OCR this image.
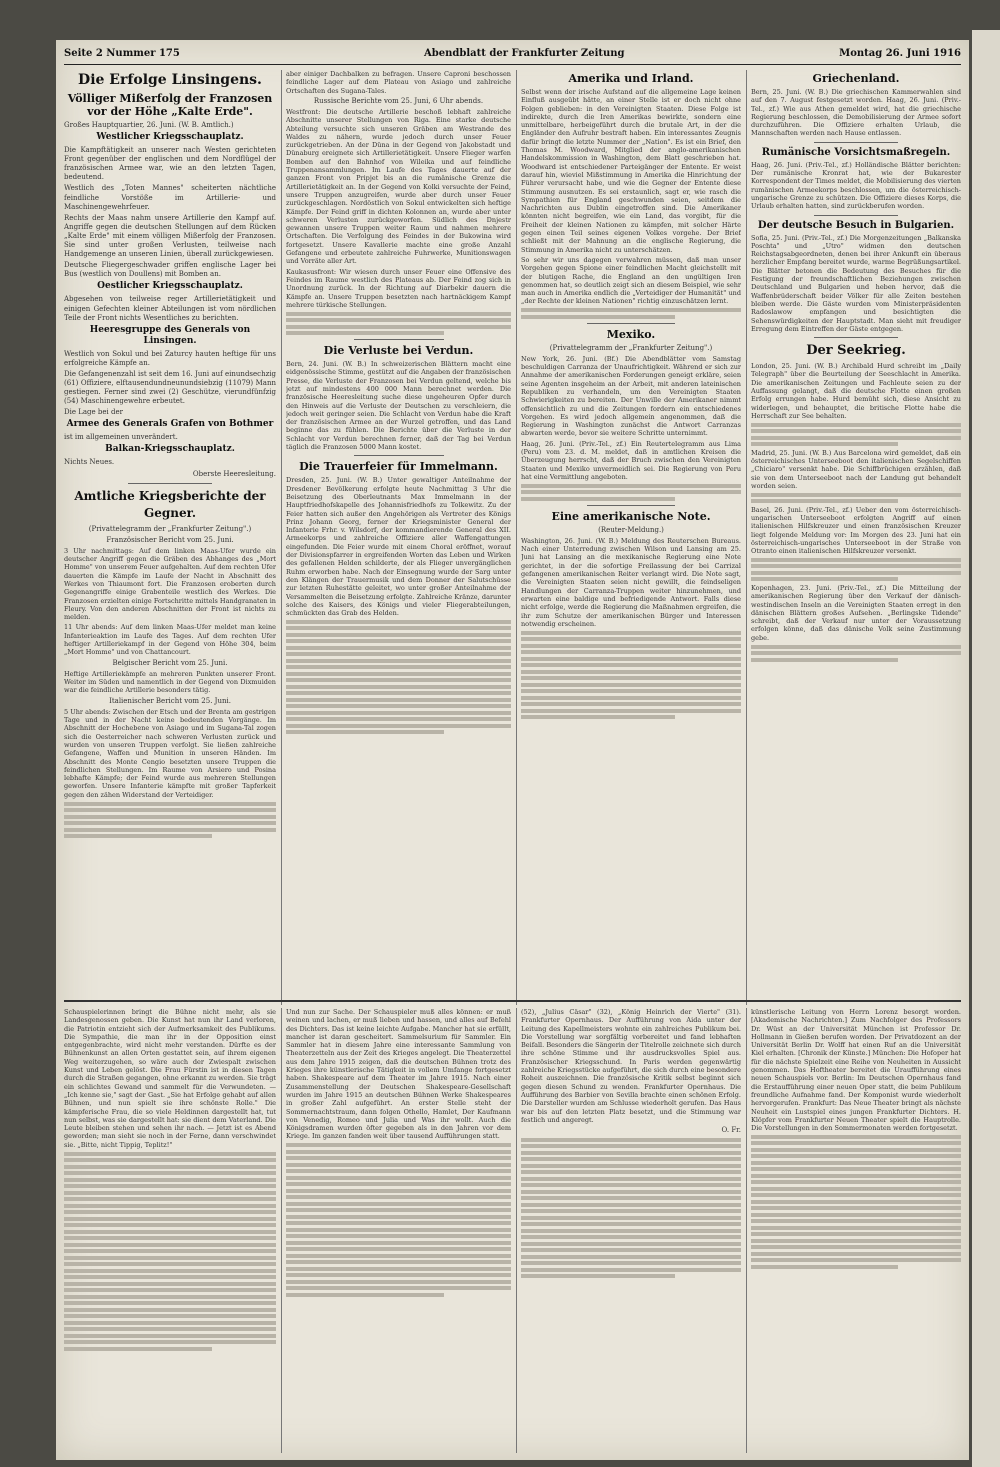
Seite 2 Nummer 175	Abendblatt der Frankfurter Zeitung	Montag 26. Juni 1916
Die Erfolge Linsingens.
Völliger Mißerfolg der Franzosen vor der Höhe „Kalte Erde".
Großes Hauptquartier, 26. Juni. (W. B. Amtlich.)
Westlicher Kriegsschauplatz.
Die Kampftätigkeit an unserer nach Westen gerichteten Front gegenüber der englischen und dem Nordflügel der französischen Armee war, wie an den letzten Tagen, bedeutend.
Westlich des „Toten Mannes" scheiterten nächtliche feindliche Vorstöße im Artillerie- und Maschinengewehrfeuer.
Rechts der Maas nahm unsere Artillerie den Kampf auf. Angriffe gegen die deutschen Stellungen auf dem Rücken „Kalte Erde" mit einem völligen Mißerfolg der Franzosen. Sie sind unter großen Verlusten, teilweise nach Handgemenge an unseren Linien, überall zurückgewiesen.
Deutsche Fliegergeschwader griffen englische Lager bei Bus (westlich von Doullens) mit Bomben an.
Oestlicher Kriegsschauplatz.
Abgesehen von teilweise reger Artillerietätigkeit und einigen Gefechten kleiner Abteilungen ist vom nördlichen Teile der Front nichts Wesentliches zu berichten.
Heeresgruppe des Generals von Linsingen.
Westlich von Sokul und bei Zaturcy hauten heftige für uns erfolgreiche Kämpfe an.
Die Gefangenenzahl ist seit dem 16. Juni auf einundsechzig (61) Offiziere, elftausendundneunundsiebzig (11079) Mann gestiegen. Ferner sind zwei (2) Geschütze, vierundfünfzig (54) Maschinengewehre erbeutet.
Die Lage bei der
Armee des Generals Grafen von Bothmer
ist im allgemeinen unverändert.
Balkan-Kriegsschauplatz.
Nichts Neues.
Oberste Heeresleitung.
Amtliche Kriegsberichte der Gegner.
(Privattelegramm der „Frankfurter Zeitung".)
Französischer Bericht vom 25. Juni.
3 Uhr nachmittags: Auf dem linken Maas-Ufer wurde ein deutscher Angriff gegen die Gräben des Abhanges des „Mort Homme" von unserem Feuer aufgehalten. Auf dem rechten Ufer dauerten die Kämpfe im Laufe der Nacht in Abschnitt des Werkes von Thiaumont fort. Die Franzosen eroberten durch Gegenangriffe einige Grabenteile westlich des Werkes. Die Franzosen erzielten einige Fortschritte mittels Handgranaten in Fleury. Von den anderen Abschnitten der Front ist nichts zu melden.
11 Uhr abends: Auf dem linken Maas-Ufer meldet man keine Infanterieaktion im Laufe des Tages. Auf dem rechten Ufer heftiger Artilleriekampf in der Gegend von Höhe 304, beim „Mort Homme" und von Chattancourt.
Belgischer Bericht vom 25. Juni.
Heftige Artilleriekämpfe an mehreren Punkten unserer Front. Weiter im Süden und namentlich in der Gegend von Dixmuiden war die feindliche Artillerie besonders tätig.
Italienischer Bericht vom 25. Juni.
5 Uhr abends: Zwischen der Etsch und der Brenta am gestrigen Tage und in der Nacht keine bedeutenden Vorgänge. Im Abschnitt der Hochebene von Asiago und im Sugana-Tal zogen sich die Oesterreicher nach schweren Verlusten zurück und wurden von unseren Truppen verfolgt. Sie ließen zahlreiche Gefangene, Waffen und Munition in unseren Händen. Im Abschnitt des Monte Cengio besetzten unsere Truppen die feindlichen Stellungen. Im Raume von Arsiero und Posina lebhafte Kämpfe; der Feind wurde aus mehreren Stellungen geworfen. Unsere Infanterie kämpfte mit großer Tapferkeit gegen den zähen Widerstand der Verteidiger.
aber einiger Dachbalken zu befragen. Unsere Caproni beschossen feindliche Lager auf dem Plateau von Asiago und zahlreiche Ortschaften des Sugana-Tales.
Russische Berichte vom 25. Juni, 6 Uhr abends.
Westfront: Die deutsche Artillerie beschoß lebhaft zahlreiche Abschnitte unserer Stellungen von Riga. Eine starke deutsche Abteilung versuchte sich unseren Gräben am Westrande des Waldes zu nähern, wurde jedoch durch unser Feuer zurückgetrieben. An der Düna in der Gegend von Jakobstadt und Dünaburg ereignete sich Artillerietätigkeit. Unsere Flieger warfen Bomben auf den Bahnhof von Wileika und auf feindliche Truppenansammlungen. Im Laufe des Tages dauerte auf der ganzen Front von Pripjet bis an die rumänische Grenze die Artillerietätigkeit an. In der Gegend von Kolki versuchte der Feind, unsere Truppen anzugreifen, wurde aber durch unser Feuer zurückgeschlagen. Nordöstlich von Sokul entwickelten sich heftige Kämpfe. Der Feind griff in dichten Kolonnen an, wurde aber unter schweren Verlusten zurückgeworfen. Südlich des Dnjestr gewannen unsere Truppen weiter Raum und nahmen mehrere Ortschaften. Die Verfolgung des Feindes in der Bukowina wird fortgesetzt. Unsere Kavallerie machte eine große Anzahl Gefangene und erbeutete zahlreiche Fuhrwerke, Munitionswagen und Vorräte aller Art.
Kaukasusfront: Wir wiesen durch unser Feuer eine Offensive des Feindes im Raume westlich des Plateaus ab. Der Feind zog sich in Unordnung zurück. In der Richtung auf Diarbekir dauern die Kämpfe an. Unsere Truppen besetzten nach hartnäckigem Kampf mehrere türkische Stellungen.
Die Verluste bei Verdun.
Bern, 24. Juni. (W. B.) In schweizerischen Blättern macht eine eidgenössische Stimme, gestützt auf die Angaben der französischen Presse, die Verluste der Franzosen bei Verdun geltend, welche bis jetzt auf mindestens 400 000 Mann berechnet werden. Die französische Heeresleitung suche diese ungeheuren Opfer durch den Hinweis auf die Verluste der Deutschen zu verschleiern, die jedoch weit geringer seien. Die Schlacht von Verdun habe die Kraft der französischen Armee an der Wurzel getroffen, und das Land beginne das zu fühlen. Die Berichte über die Verluste in der Schlacht vor Verdun berechnen ferner, daß der Tag bei Verdun täglich die Franzosen 5000 Mann kostet.
Die Trauerfeier für Immelmann.
Dresden, 25. Juni. (W. B.) Unter gewaltiger Anteilnahme der Dresdener Bevölkerung erfolgte heute Nachmittag 3 Uhr die Beisetzung des Oberleutnants Max Immelmann in der Hauptfriedhofskapelle des Johannisfriedhofs zu Tolkewitz. Zu der Feier hatten sich außer den Angehörigen als Vertreter des Königs Prinz Johann Georg, ferner der Kriegsminister General der Infanterie Frhr. v. Wilsdorf, der kommandierende General des XII. Armeekorps und zahlreiche Offiziere aller Waffengattungen eingefunden. Die Feier wurde mit einem Choral eröffnet, worauf der Divisionspfarrer in ergreifenden Worten das Leben und Wirken des gefallenen Helden schilderte, der als Flieger unvergänglichen Ruhm erworben habe. Nach der Einsegnung wurde der Sarg unter den Klängen der Trauermusik und dem Donner der Salutschüsse zur letzten Ruhestätte geleitet, wo unter großer Anteilnahme der Versammelten die Beisetzung erfolgte. Zahlreiche Kränze, darunter solche des Kaisers, des Königs und vieler Fliegerabteilungen, schmückten das Grab des Helden.
Amerika und Irland.
Selbst wenn der irische Aufstand auf die allgemeine Lage keinen Einfluß ausgeübt hätte, an einer Stelle ist er doch nicht ohne Folgen geblieben: in den Vereinigten Staaten. Diese Folge ist indirekte, durch die Iren Amerikas bewirkte, sondern eine unmittelbare, herbeigeführt durch die brutale Art, in der die Engländer den Aufruhr bestraft haben. Ein interessantes Zeugnis dafür bringt die letzte Nummer der „Nation". Es ist ein Brief, den Thomas M. Woodward, Mitglied der anglo-amerikanischen Handelskommission in Washington, dem Blatt geschrieben hat. Woodward ist entschiedener Parteigänger der Entente. Er weist darauf hin, wieviel Mißstimmung in Amerika die Hinrichtung der Führer verursacht habe, und wie die Gegner der Entente diese Stimmung ausnutzen. Es sei erstaunlich, sagt er, wie rasch die Sympathien für England geschwunden seien, seitdem die Nachrichten aus Dublin eingetroffen sind. Die Amerikaner könnten nicht begreifen, wie ein Land, das vorgibt, für die Freiheit der kleinen Nationen zu kämpfen, mit solcher Härte gegen einen Teil seines eigenen Volkes vorgehe. Der Brief schließt mit der Mahnung an die englische Regierung, die Stimmung in Amerika nicht zu unterschätzen.
So sehr wir uns dagegen verwahren müssen, daß man unser Vorgehen gegen Spione einer feindlichen Macht gleichstellt mit der blutigen Rache, die England an den ungültigen Iren genommen hat, so deutlich zeigt sich an diesem Beispiel, wie sehr man auch in Amerika endlich die „Verteidiger der Humanität" und „der Rechte der kleinen Nationen" richtig einzuschätzen lernt.
Mexiko.
(Privattelegramm der „Frankfurter Zeitung".)
New York, 26. Juni. (Bf.) Die Abendblätter vom Samstag beschuldigen Carranza der Unaufrichtigkeit. Während er sich zur Annahme der amerikanischen Forderungen geneigt erkläre, seien seine Agenten insgeheim an der Arbeit, mit anderen lateinischen Republiken zu verhandeln, um den Vereinigten Staaten Schwierigkeiten zu bereiten. Der Unwille der Amerikaner nimmt offensichtlich zu und die Zeitungen fordern ein entschiedenes Vorgehen. Es wird jedoch allgemein angenommen, daß die Regierung in Washington zunächst die Antwort Carranzas abwarten werde, bevor sie weitere Schritte unternimmt.
Haag, 26. Juni. (Priv.-Tel., zf.) Ein Reutertelegramm aus Lima (Peru) vom 23. d. M. meldet, daß in amtlichen Kreisen die Überzeugung herrscht, daß der Bruch zwischen den Vereinigten Staaten und Mexiko unvermeidlich sei. Die Regierung von Peru hat eine Vermittlung angeboten.
Eine amerikanische Note.
(Reuter-Meldung.)
Washington, 26. Juni. (W. B.) Meldung des Reuterschen Bureaus. Nach einer Unterredung zwischen Wilson und Lansing am 25. Juni hat Lansing an die mexikanische Regierung eine Note gerichtet, in der die sofortige Freilassung der bei Carrizal gefangenen amerikanischen Reiter verlangt wird. Die Note sagt, die Vereinigten Staaten seien nicht gewillt, die feindseligen Handlungen der Carranza-Truppen weiter hinzunehmen, und erwarten eine baldige und befriedigende Antwort. Falls diese nicht erfolge, werde die Regierung die Maßnahmen ergreifen, die ihr zum Schutze der amerikanischen Bürger und Interessen notwendig erscheinen.
Griechenland.
Bern, 25. Juni. (W. B.) Die griechischen Kammerwahlen sind auf den 7. August festgesetzt worden. Haag, 26. Juni. (Priv.-Tel., zf.) Wie aus Athen gemeldet wird, hat die griechische Regierung beschlossen, die Demobilisierung der Armee sofort durchzuführen. Die Offiziere erhalten Urlaub, die Mannschaften werden nach Hause entlassen.
Rumänische Vorsichtsmaßregeln.
Haag, 26. Juni. (Priv.-Tel., zf.) Holländische Blätter berichten: Der rumänische Kronrat hat, wie der Bukarester Korrespondent der Times meldet, die Mobilisierung des vierten rumänischen Armeekorps beschlossen, um die österreichisch-ungarische Grenze zu schützen. Die Offiziere dieses Korps, die Urlaub erhalten hatten, sind zurückberufen worden.
Der deutsche Besuch in Bulgarien.
Sofia, 25. Juni. (Priv.-Tel., zf.) Die Morgenzeitungen „Balkanska Poschta" und „Utro" widmen den deutschen Reichstagsabgeordneten, denen bei ihrer Ankunft ein überaus herzlicher Empfang bereitet wurde, warme Begrüßungsartikel. Die Blätter betonen die Bedeutung des Besuches für die Festigung der freundschaftlichen Beziehungen zwischen Deutschland und Bulgarien und heben hervor, daß die Waffenbrüderschaft beider Völker für alle Zeiten bestehen bleiben werde. Die Gäste wurden vom Ministerpräsidenten Radoslawow empfangen und besichtigten die Sehenswürdigkeiten der Hauptstadt. Man sieht mit freudiger Erregung dem Eintreffen der Gäste entgegen.
Der Seekrieg.
London, 25. Juni. (W. B.) Archibald Hurd schreibt im „Daily Telegraph" über die Beurteilung der Seeschlacht in Amerika. Die amerikanischen Zeitungen und Fachleute seien zu der Auffassung gelangt, daß die deutsche Flotte einen großen Erfolg errungen habe. Hurd bemüht sich, diese Ansicht zu widerlegen, und behauptet, die britische Flotte habe die Herrschaft zur See behalten.
Madrid, 25. Juni. (W. B.) Aus Barcelona wird gemeldet, daß ein österreichisches Unterseeboot den italienischen Segelschiffen „Chiciaro" versenkt habe. Die Schiffbrüchigen erzählen, daß sie von dem Unterseeboot nach der Landung gut behandelt worden seien.
Basel, 26. Juni. (Priv.-Tel., zf.) Ueber den vom österreichisch-ungarischen Unterseeboot erfolgten Angriff auf einen italienischen Hilfskreuzer und einen französischen Kreuzer liegt folgende Meldung vor: Im Morgen des 23. Juni hat ein österreichisch-ungarisches Unterseeboot in der Straße von Otranto einen italienischen Hilfskreuzer versenkt.
Kopenhagen, 23. Juni. (Priv.-Tel., zf.) Die Mitteilung der amerikanischen Regierung über den Verkauf der dänisch-westindischen Inseln an die Vereinigten Staaten erregt in den dänischen Blättern großes Aufsehen. „Berlingske Tidende" schreibt, daß der Verkauf nur unter der Voraussetzung erfolgen könne, daß das dänische Volk seine Zustimmung gebe.
Schauspielerinnen bringt die Bühne nicht mehr, als sie Landesgenossen geben. Die Kunst hat nun ihr Land verloren, die Patriotin entzieht sich der Aufmerksamkeit des Publikums. Die Sympathie, die man ihr in der Opposition einst entgegenbrachte, wird nicht mehr verstanden. Dürfte es der Bühnenkunst an allen Orten gestattet sein, auf ihrem eigenen Weg weiterzugehen, so wäre auch der Zwiespalt zwischen Kunst und Leben gelöst. Die Frau Fürstin ist in diesen Tagen durch die Straßen gegangen, ohne erkannt zu werden. Sie trägt ein schlichtes Gewand und sammelt für die Verwundeten. — „Ich kenne sie," sagt der Gast. „Sie hat Erfolge gehabt auf allen Bühnen, und nun spielt sie ihre schönste Rolle." Die kämpferische Frau, die so viele Heldinnen dargestellt hat, tut nun selbst, was sie dargestellt hat: sie dient dem Vaterland. Die Leute bleiben stehen und sehen ihr nach. — Jetzt ist es Abend geworden; man sieht sie noch in der Ferne, dann verschwindet sie. „Bitte, nicht Tippig, Teplitz!"
Und nun zur Sache. Der Schauspieler muß alles können: er muß weinen und lachen, er muß lieben und hassen, und alles auf Befehl des Dichters. Das ist keine leichte Aufgabe. Mancher hat sie erfüllt, mancher ist daran gescheitert. Sammelsurium für Sammler. Ein Sammler hat in diesem Jahre eine interessante Sammlung von Theaterzetteln aus der Zeit des Krieges angelegt. Die Theaterzettel aus dem Jahre 1915 zeigen, daß die deutschen Bühnen trotz des Krieges ihre künstlerische Tätigkeit in vollem Umfange fortgesetzt haben. Shakespeare auf dem Theater im Jahre 1915. Nach einer Zusammenstellung der Deutschen Shakespeare-Gesellschaft wurden im Jahre 1915 an deutschen Bühnen Werke Shakespeares in großer Zahl aufgeführt. An erster Stelle steht der Sommernachtstraum, dann folgen Othello, Hamlet, Der Kaufmann von Venedig, Romeo und Julia und Was ihr wollt. Auch die Königsdramen wurden öfter gegeben als in den Jahren vor dem Kriege. Im ganzen fanden weit über tausend Aufführungen statt.
(52), „Julius Cäsar" (32), „König Heinrich der Vierte" (31). Frankfurter Opernhaus. Der Aufführung von Aida unter der Leitung des Kapellmeisters wohnte ein zahlreiches Publikum bei. Die Vorstellung war sorgfältig vorbereitet und fand lebhaften Beifall. Besonders die Sängerin der Titelrolle zeichnete sich durch ihre schöne Stimme und ihr ausdrucksvolles Spiel aus. Französischer Kriegsschund. In Paris werden gegenwärtig zahlreiche Kriegsstücke aufgeführt, die sich durch eine besondere Roheit auszeichnen. Die französische Kritik selbst beginnt sich gegen diesen Schund zu wenden. Frankfurter Opernhaus. Die Aufführung des Barbier von Sevilla brachte einen schönen Erfolg. Die Darsteller wurden am Schlusse wiederholt gerufen. Das Haus war bis auf den letzten Platz besetzt, und die Stimmung war festlich und angeregt.
O. Fr.
künstlerische Leitung von Herrn Lorenz besorgt worden. [Akademische Nachrichten.] Zum Nachfolger des Professors Dr. Wüst an der Universität München ist Professor Dr. Hollmann in Gießen berufen worden. Der Privatdozent an der Universität Berlin Dr. Wolff hat einen Ruf an die Universität Kiel erhalten. [Chronik der Künste.] München: Die Hofoper hat für die nächste Spielzeit eine Reihe von Neuheiten in Aussicht genommen. Das Hoftheater bereitet die Uraufführung eines neuen Schauspiels vor. Berlin: Im Deutschen Opernhaus fand die Erstaufführung einer neuen Oper statt, die beim Publikum freundliche Aufnahme fand. Der Komponist wurde wiederholt hervorgerufen. Frankfurt: Das Neue Theater bringt als nächste Neuheit ein Lustspiel eines jungen Frankfurter Dichters. H. Klöpfer vom Frankfurter Neuen Theater spielt die Hauptrolle. Die Vorstellungen in den Sommermonaten werden fortgesetzt.
